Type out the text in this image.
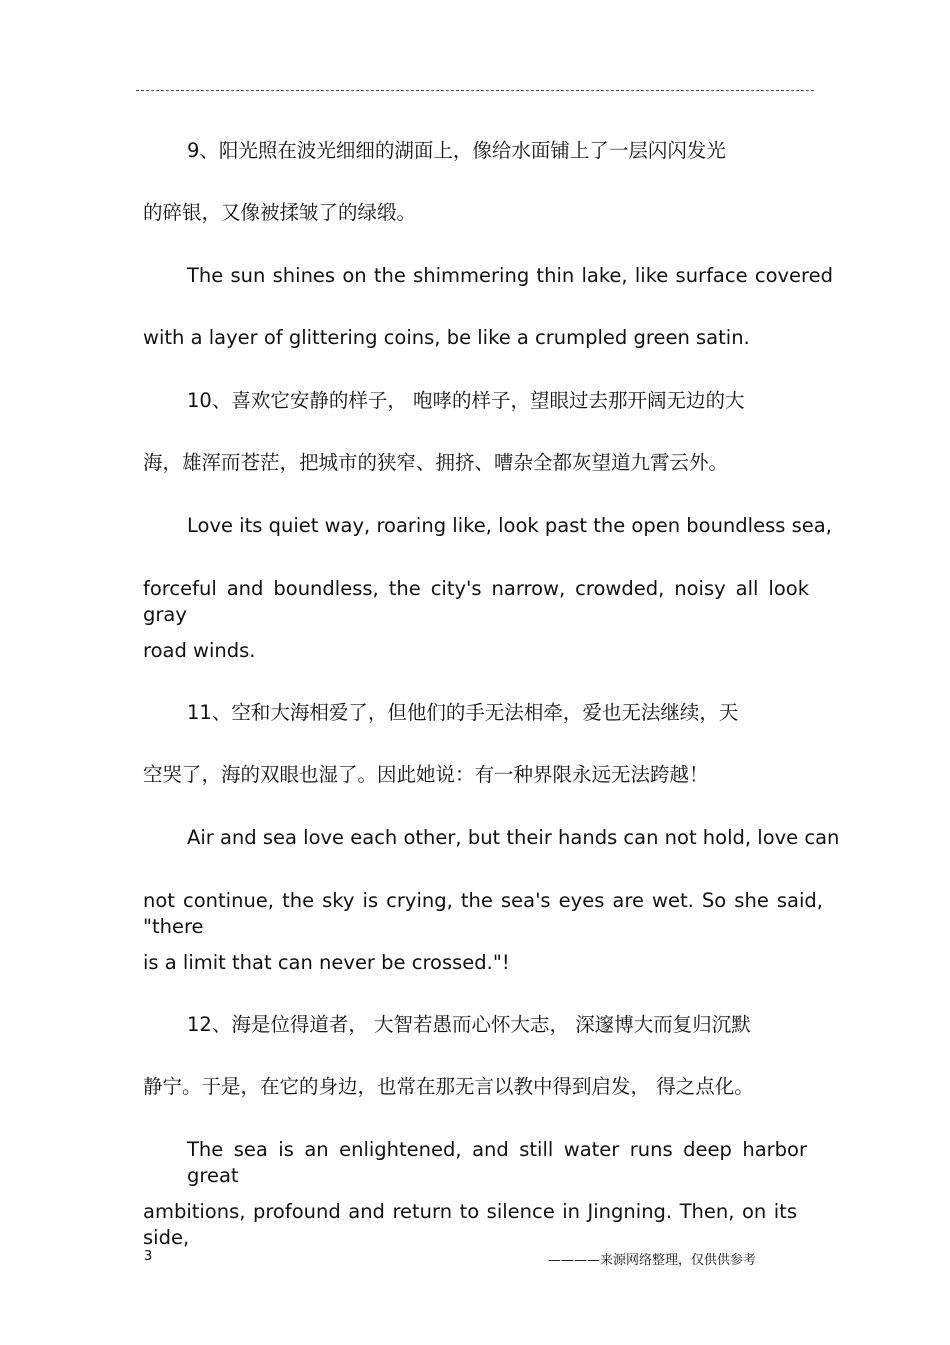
9、阳光照在波光细细的湖面上，像给水面铺上了一层闪闪发光
的碎银，又像被揉皱了的绿缎。
The sun shines on the shimmering thin lake, like surface covered
with a layer of glittering coins, be like a crumpled green satin.
10、喜欢它安静的样子， 咆哮的样子，望眼过去那开阔无边的大
海，雄浑而苍茫，把城市的狭窄、拥挤、嘈杂全都灰望道九霄云外。
Love its quiet way, roaring like, look past the open boundless sea,
forceful and boundless, the city's narrow, crowded, noisy all look gray
road winds.
11、空和大海相爱了，但他们的手无法相牵，爱也无法继续，天
空哭了，海的双眼也湿了。因此她说：有一种界限永远无法跨越！
Air and sea love each other, but their hands can not hold, love can
not continue, the sky is crying, the sea's eyes are wet. So she said, "there
is a limit that can never be crossed."!
12、海是位得道者， 大智若愚而心怀大志， 深邃博大而复归沉默
静宁。于是，在它的身边，也常在那无言以教中得到启发， 得之点化。
The sea is an enlightened, and still water runs deep harbor great
ambitions, profound and return to silence in Jingning. Then, on its side,
3	————来源网络整理，仅供供参考
